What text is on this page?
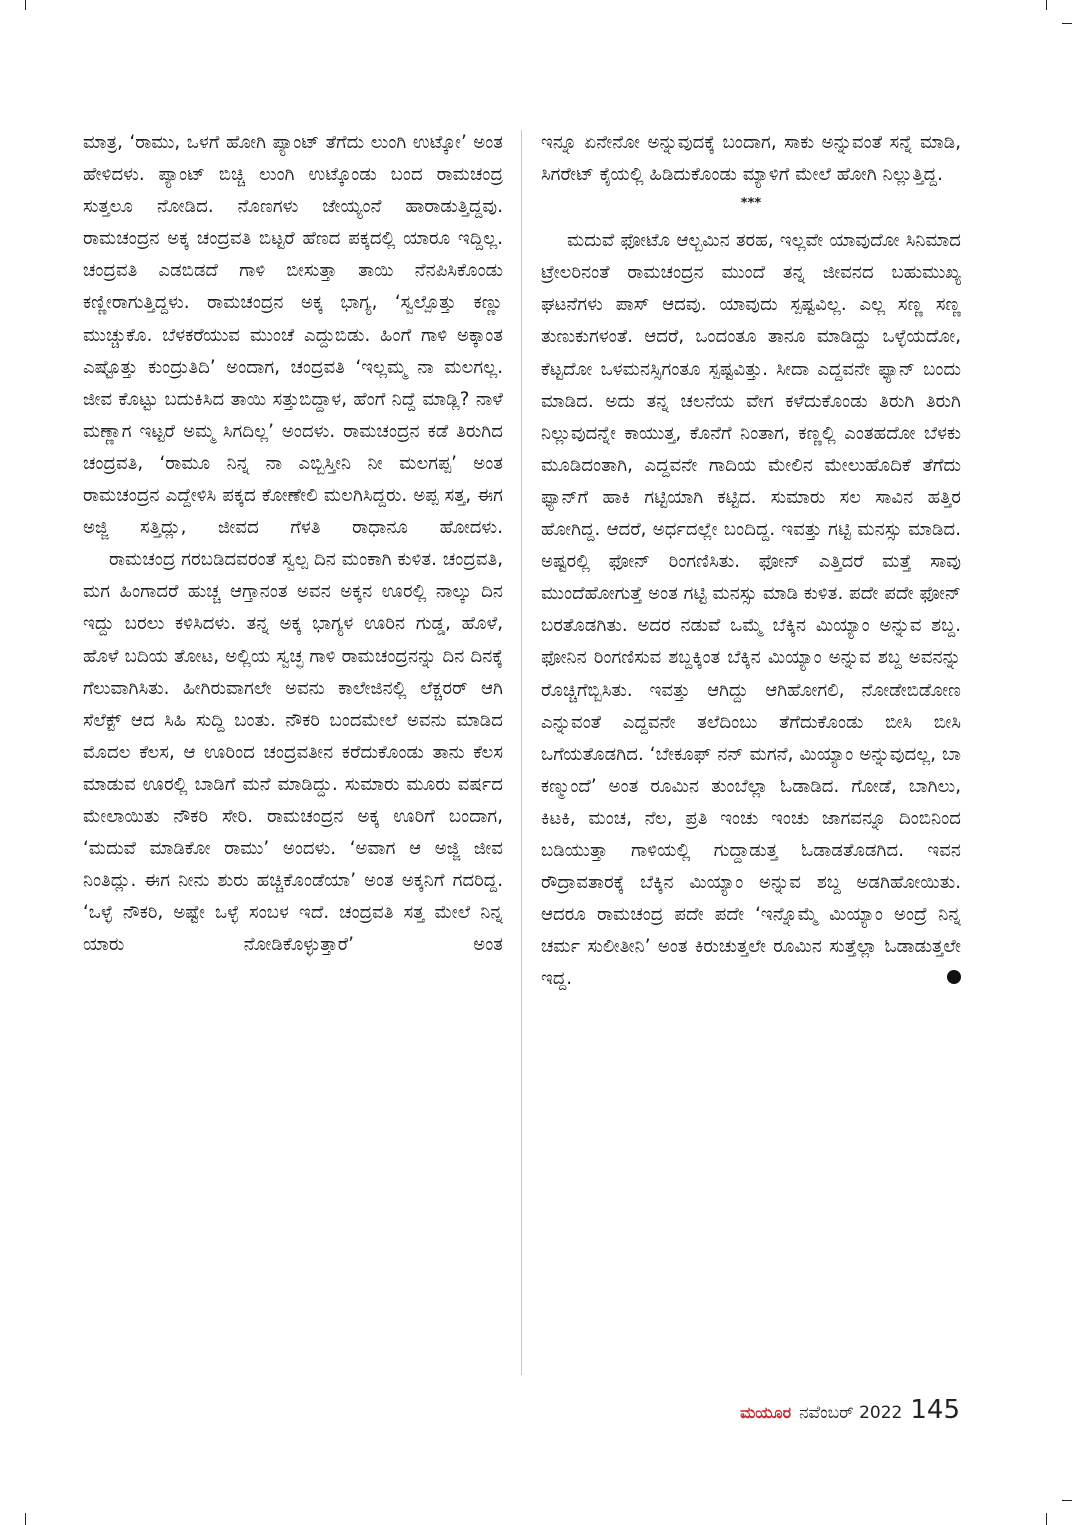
ಮಾತ್ರ, ‘ರಾಮು, ಒಳಗೆ ಹೋಗಿ ಪ್ಯಾಂಟ್ ತೆಗೆದು ಲುಂಗಿ ಉಟ್ಕೋ’ ಅಂತ ಹೇಳಿದಳು. ಪ್ಯಾಂಟ್ ಬಿಚ್ಚಿ ಲುಂಗಿ ಉಟ್ಕೊಂಡು ಬಂದ ರಾಮಚಂದ್ರ ಸುತ್ತಲೂ ನೋಡಿದ. ನೊಣಗಳು ಜೇಯ್ಯಂನೆ ಹಾರಾಡುತ್ತಿದ್ದವು. ರಾಮಚಂದ್ರನ ಅಕ್ಕ ಚಂದ್ರವತಿ ಬಿಟ್ಟರೆ ಹೆಣದ ಪಕ್ಕದಲ್ಲಿ ಯಾರೂ ಇದ್ದಿಲ್ಲ. ಚಂದ್ರವತಿ ಎಡಬಿಡದೆ ಗಾಳಿ ಬೀಸುತ್ತಾ ತಾಯಿ ನೆನಪಿಸಿಕೊಂಡು ಕಣ್ಣೀರಾಗುತ್ತಿದ್ದಳು. ರಾಮಚಂದ್ರನ ಅಕ್ಕ ಭಾಗ್ಯ, ‘ಸ್ವಲ್ಪೊತ್ತು ಕಣ್ಣು ಮುಚ್ಚುಕೊ. ಬೆಳಕರೆಯುವ ಮುಂಚೆ ಎದ್ದುಬಿಡು. ಹಿಂಗೆ ಗಾಳಿ ಅಕ್ಕಾಂತ ಎಷ್ಟೊತ್ತು ಕುಂದ್ರುತಿದಿ’ ಅಂದಾಗ, ಚಂದ್ರವತಿ ‘ಇಲ್ಲಮ್ಮ ನಾ ಮಲಗಲ್ಲ. ಜೀವ ಕೊಟ್ಟು ಬದುಕಿಸಿದ ತಾಯಿ ಸತ್ತುಬಿದ್ದಾಳ, ಹೆಂಗೆ ನಿದ್ದೆ ಮಾಡ್ಲಿ? ನಾಳೆ ಮಣ್ಣಾಗ ಇಟ್ಟರೆ ಅಮ್ಮ ಸಿಗದಿಲ್ಲ’ ಅಂದಳು. ರಾಮಚಂದ್ರನ ಕಡೆ ತಿರುಗಿದ ಚಂದ್ರವತಿ, ‘ರಾಮೂ ನಿನ್ನ ನಾ ಎಬ್ಬಿಸ್ತೀನಿ ನೀ ಮಲಗಪ್ಪ’ ಅಂತ ರಾಮಚಂದ್ರನ ಎದ್ದೇಳಿಸಿ ಪಕ್ಕದ ಕೋಣೇಲಿ ಮಲಗಿಸಿದ್ದರು. ಅಪ್ಪ ಸತ್ತ, ಈಗ ಅಜ್ಜಿ ಸತ್ತಿದ್ಲು, ಜೀವದ ಗೆಳತಿ ರಾಧಾನೂ ಹೋದಳು.

ರಾಮಚಂದ್ರ ಗರಬಡಿದವರಂತೆ ಸ್ವಲ್ಪ ದಿನ ಮಂಕಾಗಿ ಕುಳಿತ. ಚಂದ್ರವತಿ, ಮಗ ಹಿಂಗಾದರೆ ಹುಚ್ಚ ಆಗ್ತಾನಂತ ಅವನ ಅಕ್ಕನ ಊರಲ್ಲಿ ನಾಲ್ಕು ದಿನ ಇದ್ದು ಬರಲು ಕಳಿಸಿದಳು. ತನ್ನ ಅಕ್ಕ ಭಾಗ್ಯಳ ಊರಿನ ಗುಡ್ಡ, ಹೊಳೆ, ಹೊಳೆ ಬದಿಯ ತೋಟ, ಅಲ್ಲಿಯ ಸ್ವಚ್ಛ ಗಾಳಿ ರಾಮಚಂದ್ರನನ್ನು ದಿನ ದಿನಕ್ಕೆ ಗೆಲುವಾಗಿಸಿತು. ಹೀಗಿರುವಾಗಲೇ ಅವನು ಕಾಲೇಜಿನಲ್ಲಿ ಲೆಕ್ಚರರ್ ಆಗಿ ಸೆಲೆಕ್ಟ್ ಆದ ಸಿಹಿ ಸುದ್ದಿ ಬಂತು. ನೌಕರಿ ಬಂದಮೇಲೆ ಅವನು ಮಾಡಿದ ಮೊದಲ ಕೆಲಸ, ಆ ಊರಿಂದ ಚಂದ್ರವತೀನ ಕರೆದುಕೊಂಡು ತಾನು ಕೆಲಸ ಮಾಡುವ ಊರಲ್ಲಿ ಬಾಡಿಗೆ ಮನೆ ಮಾಡಿದ್ದು. ಸುಮಾರು ಮೂರು ವರ್ಷದ ಮೇಲಾಯಿತು ನೌಕರಿ ಸೇರಿ. ರಾಮಚಂದ್ರನ ಅಕ್ಕ ಊರಿಗೆ ಬಂದಾಗ, ‘ಮದುವೆ ಮಾಡಿಕೋ ರಾಮು’ ಅಂದಳು. ‘ಅವಾಗ ಆ ಅಜ್ಜಿ ಜೀವ ನಿಂತಿದ್ಲು. ಈಗ ನೀನು ಶುರು ಹಚ್ಚಿಕೊಂಡೆಯಾ’ ಅಂತ ಅಕ್ಕನಿಗೆ ಗದರಿದ್ದ. ‘ಒಳ್ಳೆ ನೌಕರಿ, ಅಷ್ಟೇ ಒಳ್ಳೆ ಸಂಬಳ ಇದೆ. ಚಂದ್ರವತಿ ಸತ್ತ ಮೇಲೆ ನಿನ್ನ ಯಾರು ನೋಡಿಕೊಳ್ಳುತ್ತಾರೆ’ ಅಂತ

ಇನ್ನೂ ಏನೇನೋ ಅನ್ನುವುದಕ್ಕೆ ಬಂದಾಗ, ಸಾಕು ಅನ್ನುವಂತೆ ಸನ್ನೆ ಮಾಡಿ, ಸಿಗರೇಟ್ ಕೈಯಲ್ಲಿ ಹಿಡಿದುಕೊಂಡು ಮ್ಯಾಳಿಗೆ ಮೇಲೆ ಹೋಗಿ ನಿಲ್ಲುತ್ತಿದ್ದ.

***

ಮದುವೆ ಫೋಟೊ ಆಲ್ಬಮಿನ ತರಹ, ಇಲ್ಲವೇ ಯಾವುದೋ ಸಿನಿಮಾದ ಟ್ರೇಲರಿನಂತೆ ರಾಮಚಂದ್ರನ ಮುಂದೆ ತನ್ನ ಜೀವನದ ಬಹುಮುಖ್ಯ ಘಟನೆಗಳು ಪಾಸ್ ಆದವು. ಯಾವುದು ಸ್ಪಷ್ಟವಿಲ್ಲ. ಎಲ್ಲ ಸಣ್ಣ ಸಣ್ಣ ತುಣುಕುಗಳಂತೆ. ಆದರೆ, ಒಂದಂತೂ ತಾನೂ ಮಾಡಿದ್ದು ಒಳ್ಳೆಯದೋ, ಕೆಟ್ಟದೋ ಒಳಮನಸ್ಸಿಗಂತೂ ಸ್ಪಷ್ಟವಿತ್ತು. ಸೀದಾ ಎದ್ದವನೇ ಫ್ಯಾನ್ ಬಂದು ಮಾಡಿದ. ಅದು ತನ್ನ ಚಲನೆಯ ವೇಗ ಕಳೆದುಕೊಂಡು ತಿರುಗಿ ತಿರುಗಿ ನಿಲ್ಲುವುದನ್ನೇ ಕಾಯುತ್ತ, ಕೊನೆಗೆ ನಿಂತಾಗ, ಕಣ್ಣಲ್ಲಿ ಎಂತಹದೋ ಬೆಳಕು ಮೂಡಿದಂತಾಗಿ, ಎದ್ದವನೇ ಗಾದಿಯ ಮೇಲಿನ ಮೇಲುಹೊದಿಕೆ ತೆಗೆದು ಫ್ಯಾನ್‌ಗೆ ಹಾಕಿ ಗಟ್ಟಿಯಾಗಿ ಕಟ್ಟಿದ. ಸುಮಾರು ಸಲ ಸಾವಿನ ಹತ್ತಿರ ಹೋಗಿದ್ದ. ಆದರೆ, ಅರ್ಧದಲ್ಲೇ ಬಂದಿದ್ದ. ಇವತ್ತು ಗಟ್ಟಿ ಮನಸ್ಸು ಮಾಡಿದ. ಅಷ್ಟರಲ್ಲಿ ಫೋನ್ ರಿಂಗಣಿಸಿತು. ಫೋನ್ ಎತ್ತಿದರೆ ಮತ್ತೆ ಸಾವು ಮುಂದೆಹೋಗುತ್ತೆ ಅಂತ ಗಟ್ಟಿ ಮನಸ್ಸು ಮಾಡಿ ಕುಳಿತ. ಪದೇ ಪದೇ ಫೋನ್ ಬರತೊಡಗಿತು. ಅದರ ನಡುವೆ ಒಮ್ಮೆ ಬೆಕ್ಕಿನ ಮಿಯ್ಯಾಂ ಅನ್ನುವ ಶಬ್ದ. ಫೋನಿನ ರಿಂಗಣಿಸುವ ಶಬ್ದಕ್ಕಿಂತ ಬೆಕ್ಕಿನ ಮಿಯ್ಯಾಂ ಅನ್ನುವ ಶಬ್ದ ಅವನನ್ನು ರೊಚ್ಚಿಗೆಬ್ಬಿಸಿತು. ಇವತ್ತು ಆಗಿದ್ದು ಆಗಿಹೋಗಲಿ, ನೋಡೇಬಿಡೋಣ ಎನ್ನುವಂತೆ ಎದ್ದವನೇ ತಲೆದಿಂಬು ತೆಗೆದುಕೊಂಡು ಬೀಸಿ ಬೀಸಿ ಒಗೆಯತೊಡಗಿದ. ‘ಬೇಕೂಫ್ ನನ್ ಮಗನೆ, ಮಿಯ್ಯಾಂ ಅನ್ನುವುದಲ್ಲ, ಬಾ ಕಣ್ಮುಂದೆ’ ಅಂತ ರೂಮಿನ ತುಂಬೆಲ್ಲಾ ಓಡಾಡಿದ. ಗೋಡೆ, ಬಾಗಿಲು, ಕಿಟಕಿ, ಮಂಚ, ನೆಲ, ಪ್ರತಿ ಇಂಚು ಇಂಚು ಜಾಗವನ್ನೂ ದಿಂಬಿನಿಂದ ಬಡಿಯುತ್ತಾ ಗಾಳಿಯಲ್ಲಿ ಗುದ್ದಾಡುತ್ತ ಓಡಾಡತೊಡಗಿದ. ಇವನ ರೌದ್ರಾವತಾರಕ್ಕೆ ಬೆಕ್ಕಿನ ಮಿಯ್ಯಾಂ ಅನ್ನುವ ಶಬ್ದ ಅಡಗಿಹೋಯಿತು. ಆದರೂ ರಾಮಚಂದ್ರ ಪದೇ ಪದೇ ‘ಇನ್ನೊಮ್ಮೆ ಮಿಯ್ಯಾಂ ಅಂದ್ರೆ ನಿನ್ನ ಚರ್ಮ ಸುಲೀತೀನಿ’ ಅಂತ ಕಿರುಚುತ್ತಲೇ ರೂಮಿನ ಸುತ್ತೆಲ್ಲಾ ಓಡಾಡುತ್ತಲೇ ಇದ್ದ.

ಮಯೂರ ನವೆಂಬರ್ 2022 145
